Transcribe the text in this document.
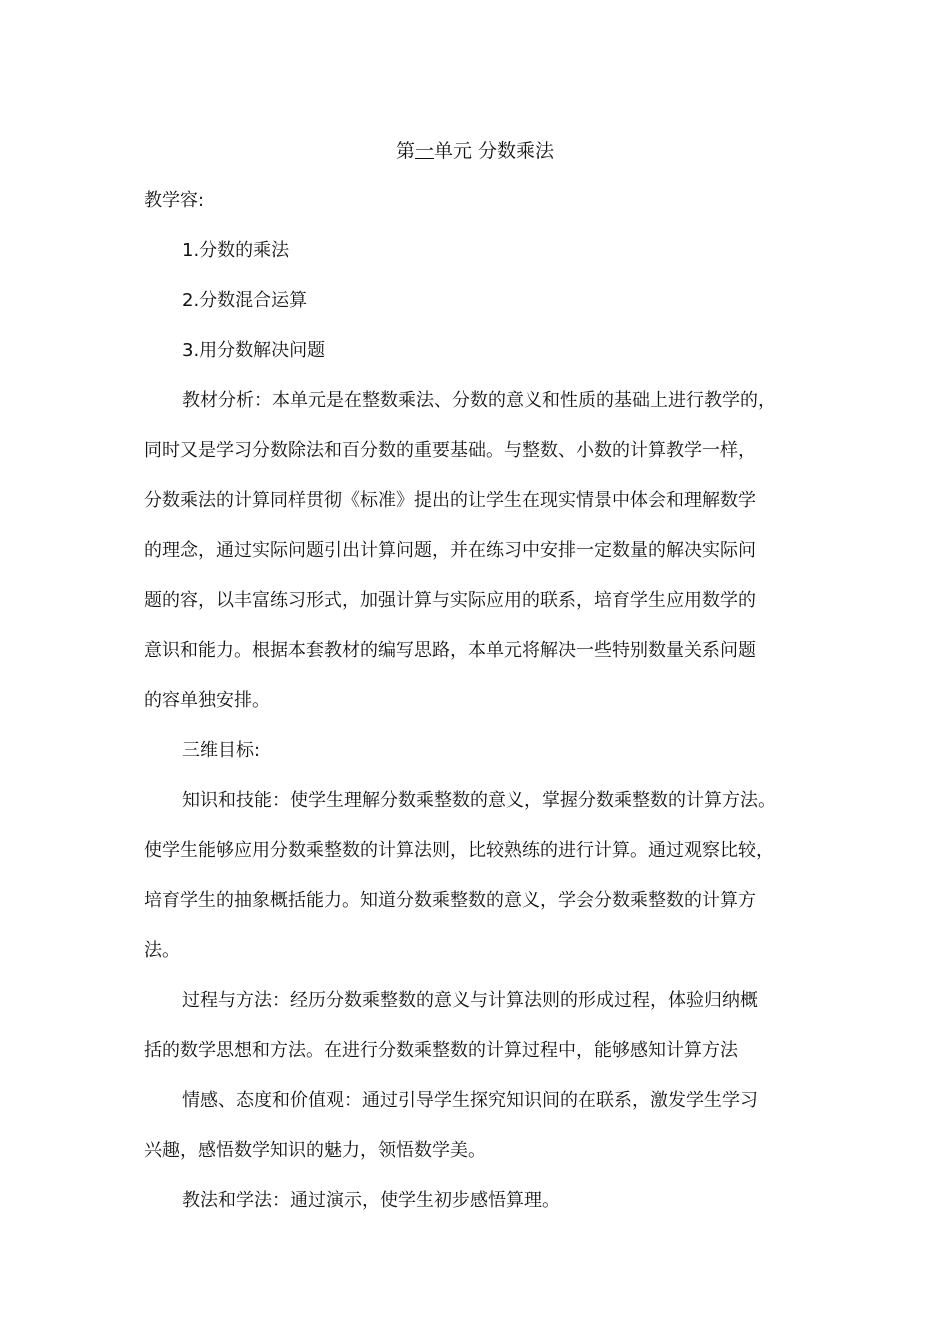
第一单元 分数乘法
教学容:
1.分数的乘法
2.分数混合运算
3.用分数解决问题
教材分析：本单元是在整数乘法、分数的意义和性质的基础上进行教学的，
同时又是学习分数除法和百分数的重要基础。与整数、小数的计算教学一样，
分数乘法的计算同样贯彻《标准》提出的让学生在现实情景中体会和理解数学
的理念，通过实际问题引出计算问题，并在练习中安排一定数量的解决实际问
题的容，以丰富练习形式，加强计算与实际应用的联系，培育学生应用数学的
意识和能力。根据本套教材的编写思路，本单元将解决一些特别数量关系问题
的容单独安排。
三维目标:
知识和技能：使学生理解分数乘整数的意义，掌握分数乘整数的计算方法。
使学生能够应用分数乘整数的计算法则，比较熟练的进行计算。通过观察比较，
培育学生的抽象概括能力。知道分数乘整数的意义，学会分数乘整数的计算方
法。
过程与方法：经历分数乘整数的意义与计算法则的形成过程，体验归纳概
括的数学思想和方法。在进行分数乘整数的计算过程中，能够感知计算方法
情感、态度和价值观：通过引导学生探究知识间的在联系，激发学生学习
兴趣，感悟数学知识的魅力，领悟数学美。
教法和学法：通过演示，使学生初步感悟算理。
